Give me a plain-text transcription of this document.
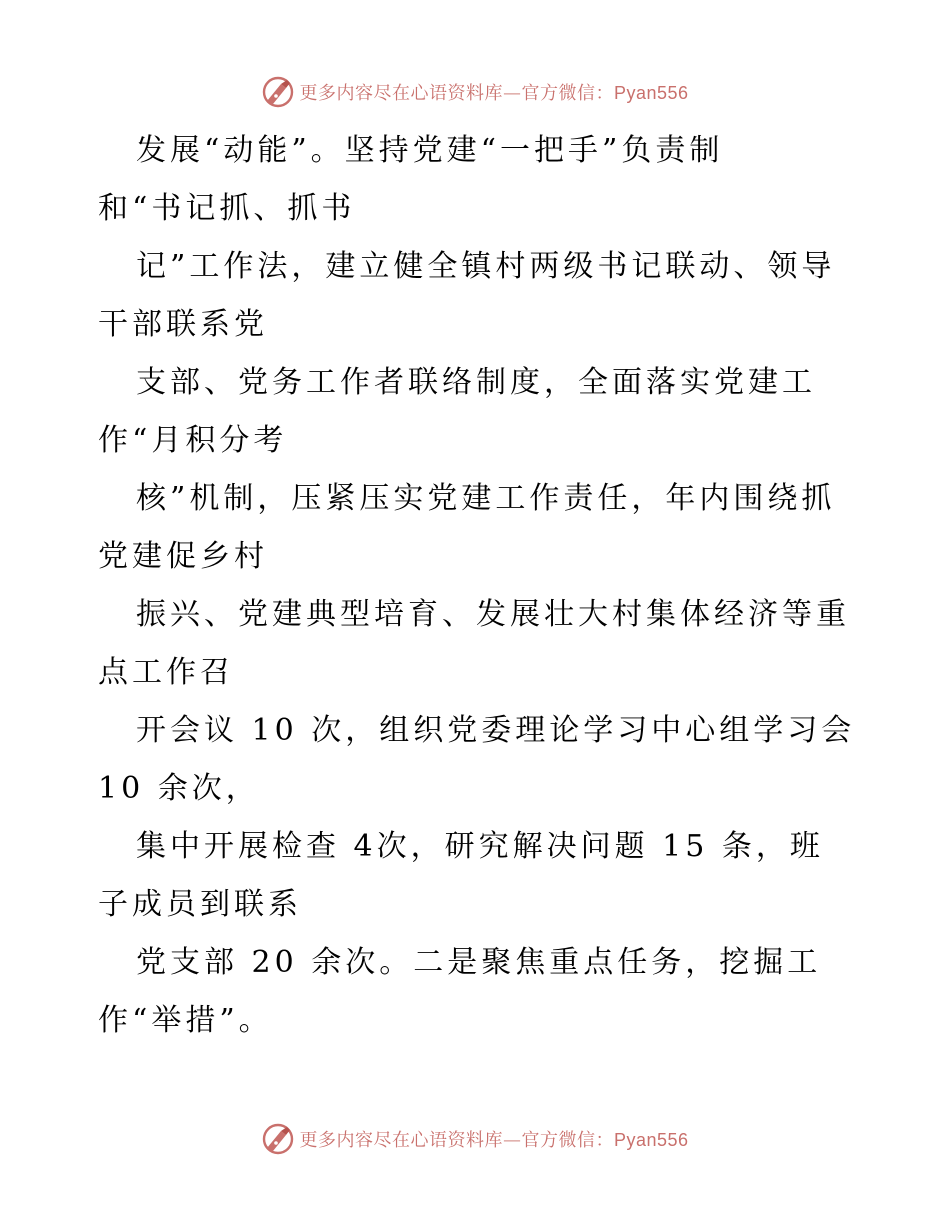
更多内容尽在心语资料库—官方微信：Pyan556

发展“动能”。坚持党建“一把手”负责制

和“书记抓、抓书

记”工作法，建立健全镇村两级书记联动、领导

干部联系党

支部、党务工作者联络制度，全面落实党建工

作“月积分考

核”机制，压紧压实党建工作责任，年内围绕抓

党建促乡村

振兴、党建典型培育、发展壮大村集体经济等重

点工作召

开会议 10 次，组织党委理论学习中心组学习会

10 余次，

集中开展检查 4次，研究解决问题 15 条，班

子成员到联系

党支部 20 余次。二是聚焦重点任务，挖掘工

作“举措”。

更多内容尽在心语资料库—官方微信：Pyan556
